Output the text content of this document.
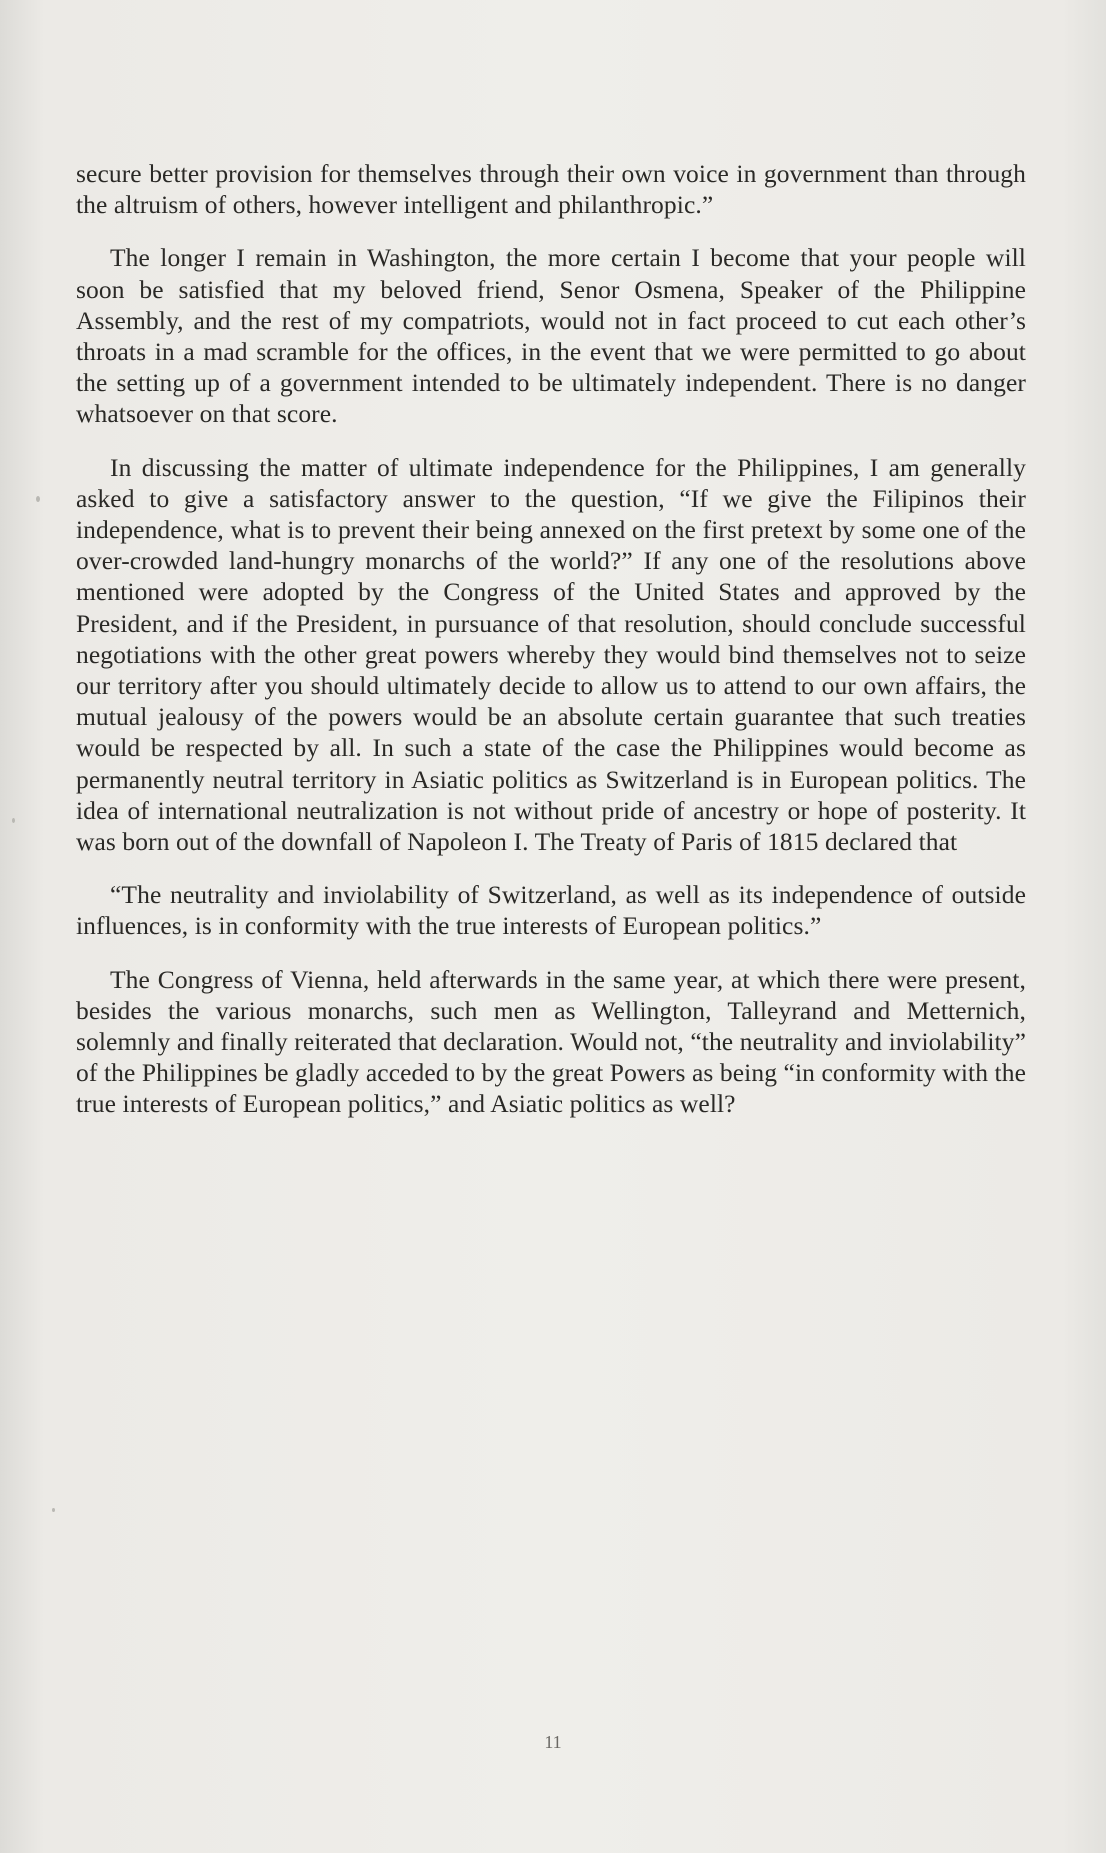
secure better provision for themselves through their own voice in government than through the altruism of others, however intelligent and philanthropic.”

The longer I remain in Washington, the more certain I become that your people will soon be satisfied that my beloved friend, Senor Osmena, Speaker of the Philippine Assembly, and the rest of my compatriots, would not in fact proceed to cut each other’s throats in a mad scramble for the offices, in the event that we were permitted to go about the setting up of a government intended to be ultimately independent. There is no danger whatsoever on that score.

In discussing the matter of ultimate independence for the Philippines, I am generally asked to give a satisfactory answer to the question, “If we give the Filipinos their independence, what is to prevent their being annexed on the first pretext by some one of the over-crowded land-hungry monarchs of the world?” If any one of the resolutions above mentioned were adopted by the Congress of the United States and approved by the President, and if the President, in pursuance of that resolution, should conclude successful negotiations with the other great powers whereby they would bind themselves not to seize our territory after you should ultimately decide to allow us to attend to our own affairs, the mutual jealousy of the powers would be an absolute certain guarantee that such treaties would be respected by all. In such a state of the case the Philippines would become as permanently neutral territory in Asiatic politics as Switzerland is in European politics. The idea of international neutralization is not without pride of ancestry or hope of posterity. It was born out of the downfall of Napoleon I. The Treaty of Paris of 1815 declared that

“The neutrality and inviolability of Switzerland, as well as its independence of outside influences, is in conformity with the true interests of European politics.”

The Congress of Vienna, held afterwards in the same year, at which there were present, besides the various monarchs, such men as Wellington, Talleyrand and Metternich, solemnly and finally reiterated that declaration. Would not, “the neutrality and inviolability” of the Philippines be gladly acceded to by the great Powers as being “in conformity with the true interests of European politics,” and Asiatic politics as well?

11
